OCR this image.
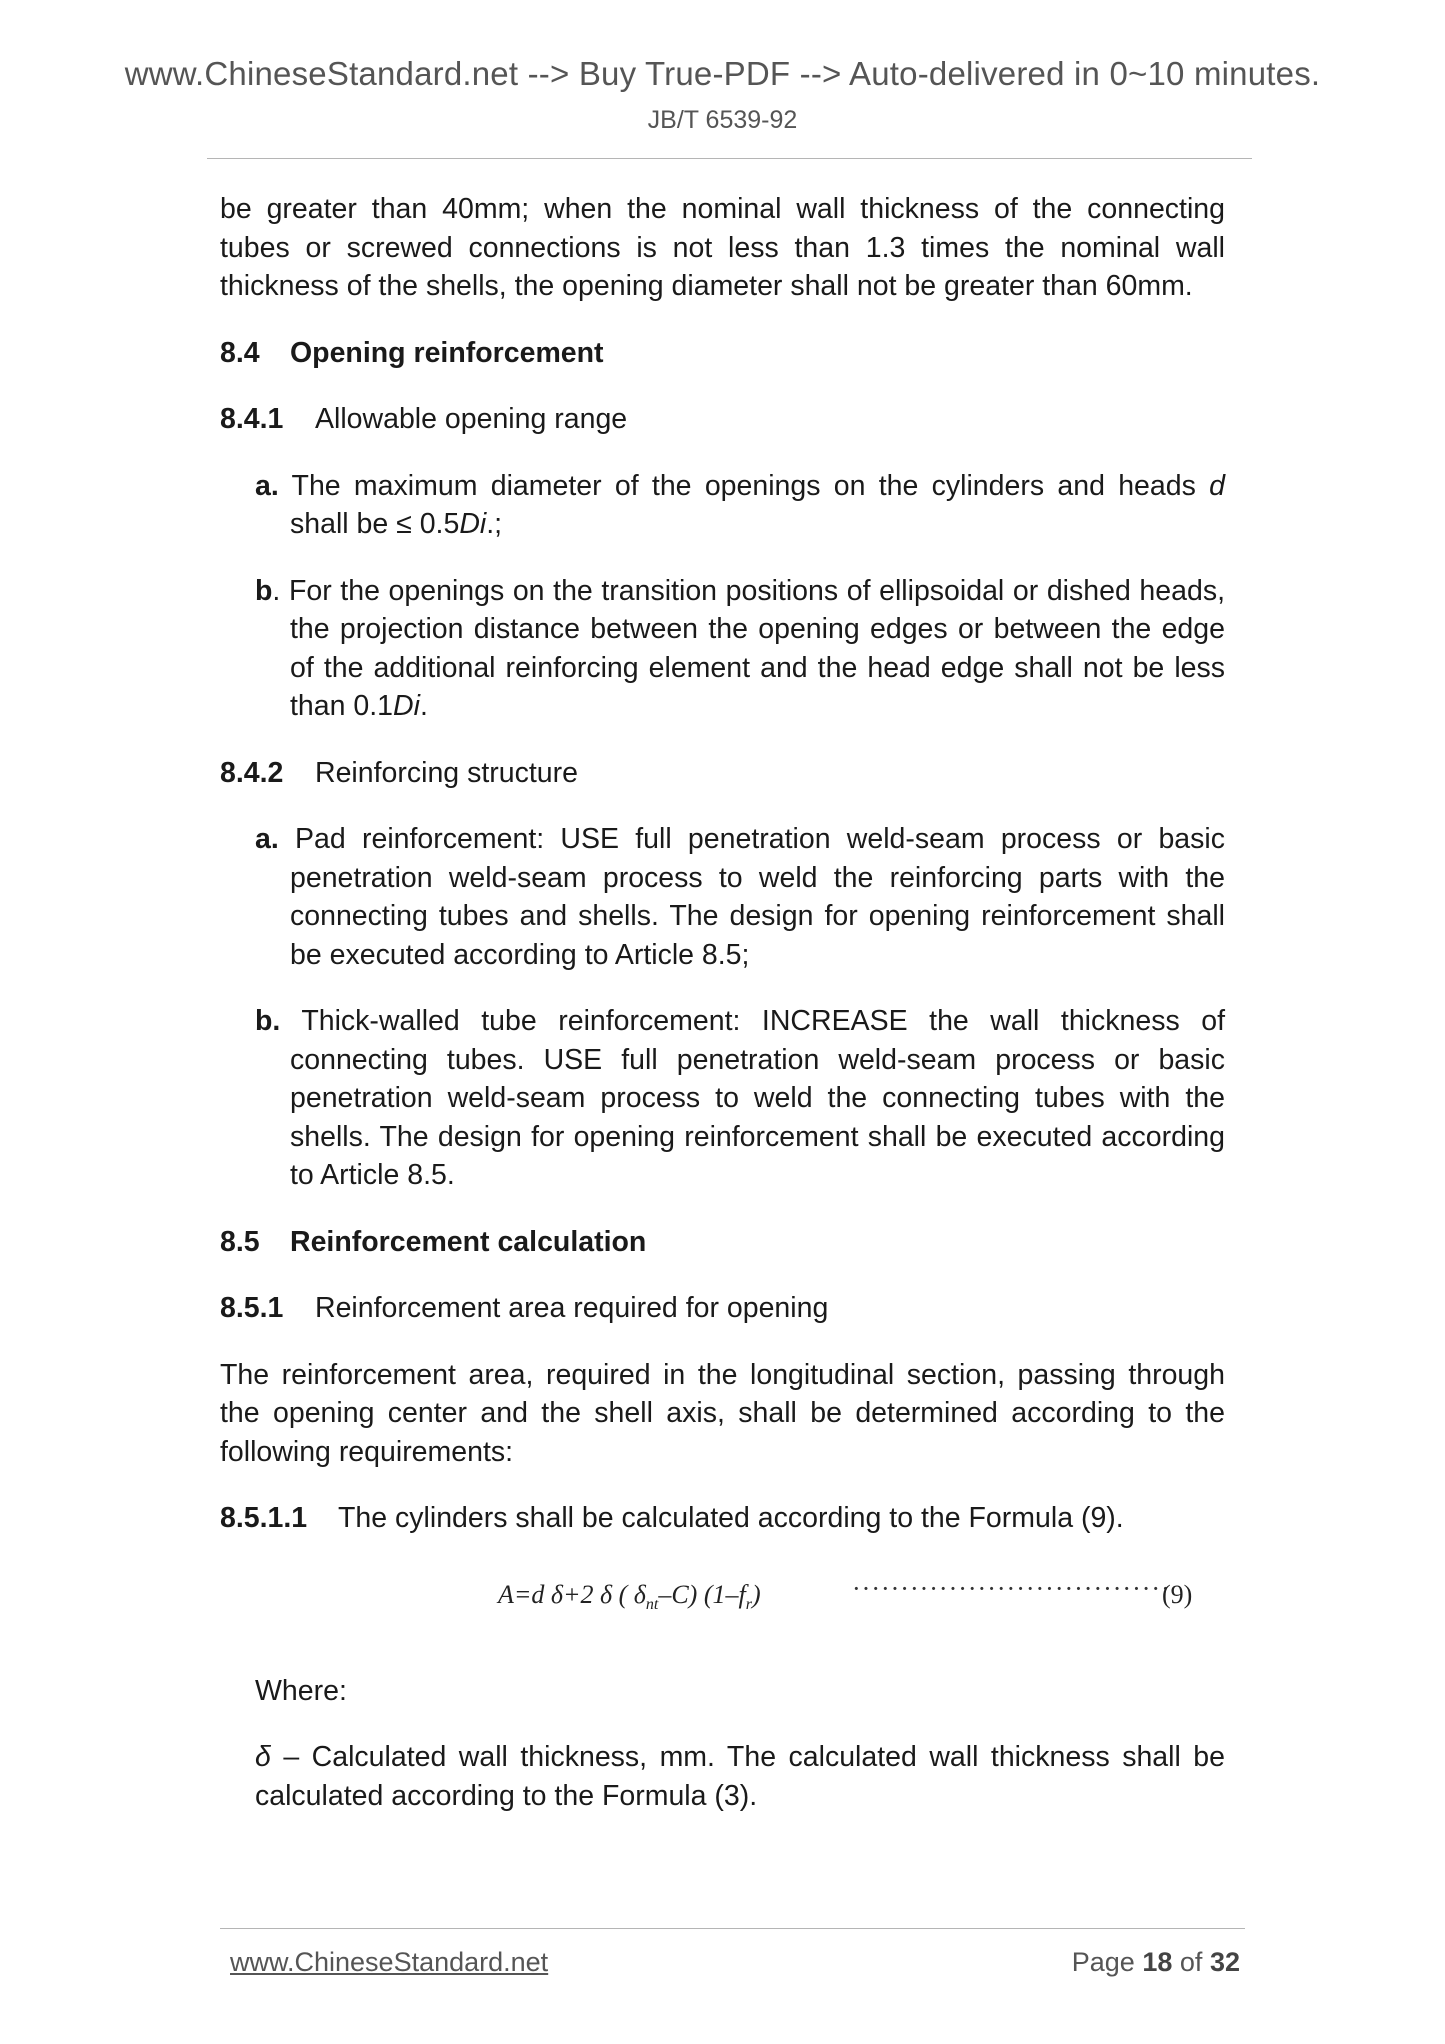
www.ChineseStandard.net --> Buy True-PDF --> Auto-delivered in 0~10 minutes.
JB/T 6539-92

be greater than 40mm; when the nominal wall thickness of the connecting tubes or screwed connections is not less than 1.3 times the nominal wall thickness of the shells, the opening diameter shall not be greater than 60mm.

8.4 Opening reinforcement

8.4.1 Allowable opening range

a. The maximum diameter of the openings on the cylinders and heads d shall be ≤ 0.5Di.;

b. For the openings on the transition positions of ellipsoidal or dished heads, the projection distance between the opening edges or between the edge of the additional reinforcing element and the head edge shall not be less than 0.1Di.

8.4.2 Reinforcing structure

a. Pad reinforcement: USE full penetration weld-seam process or basic penetration weld-seam process to weld the reinforcing parts with the connecting tubes and shells. The design for opening reinforcement shall be executed according to Article 8.5;

b. Thick-walled tube reinforcement: INCREASE the wall thickness of connecting tubes. USE full penetration weld-seam process or basic penetration weld-seam process to weld the connecting tubes with the shells. The design for opening reinforcement shall be executed according to Article 8.5.

8.5 Reinforcement calculation

8.5.1 Reinforcement area required for opening

The reinforcement area, required in the longitudinal section, passing through the opening center and the shell axis, shall be determined according to the following requirements:

8.5.1.1 The cylinders shall be calculated according to the Formula (9).

A=d δ+2 δ ( $\delta_{nt}-C$) $(1-f_r)$	·································
(9)

Where:

δ – Calculated wall thickness, mm. The calculated wall thickness shall be calculated according to the Formula (3).

www.ChineseStandard.net	Page 18 of 32
